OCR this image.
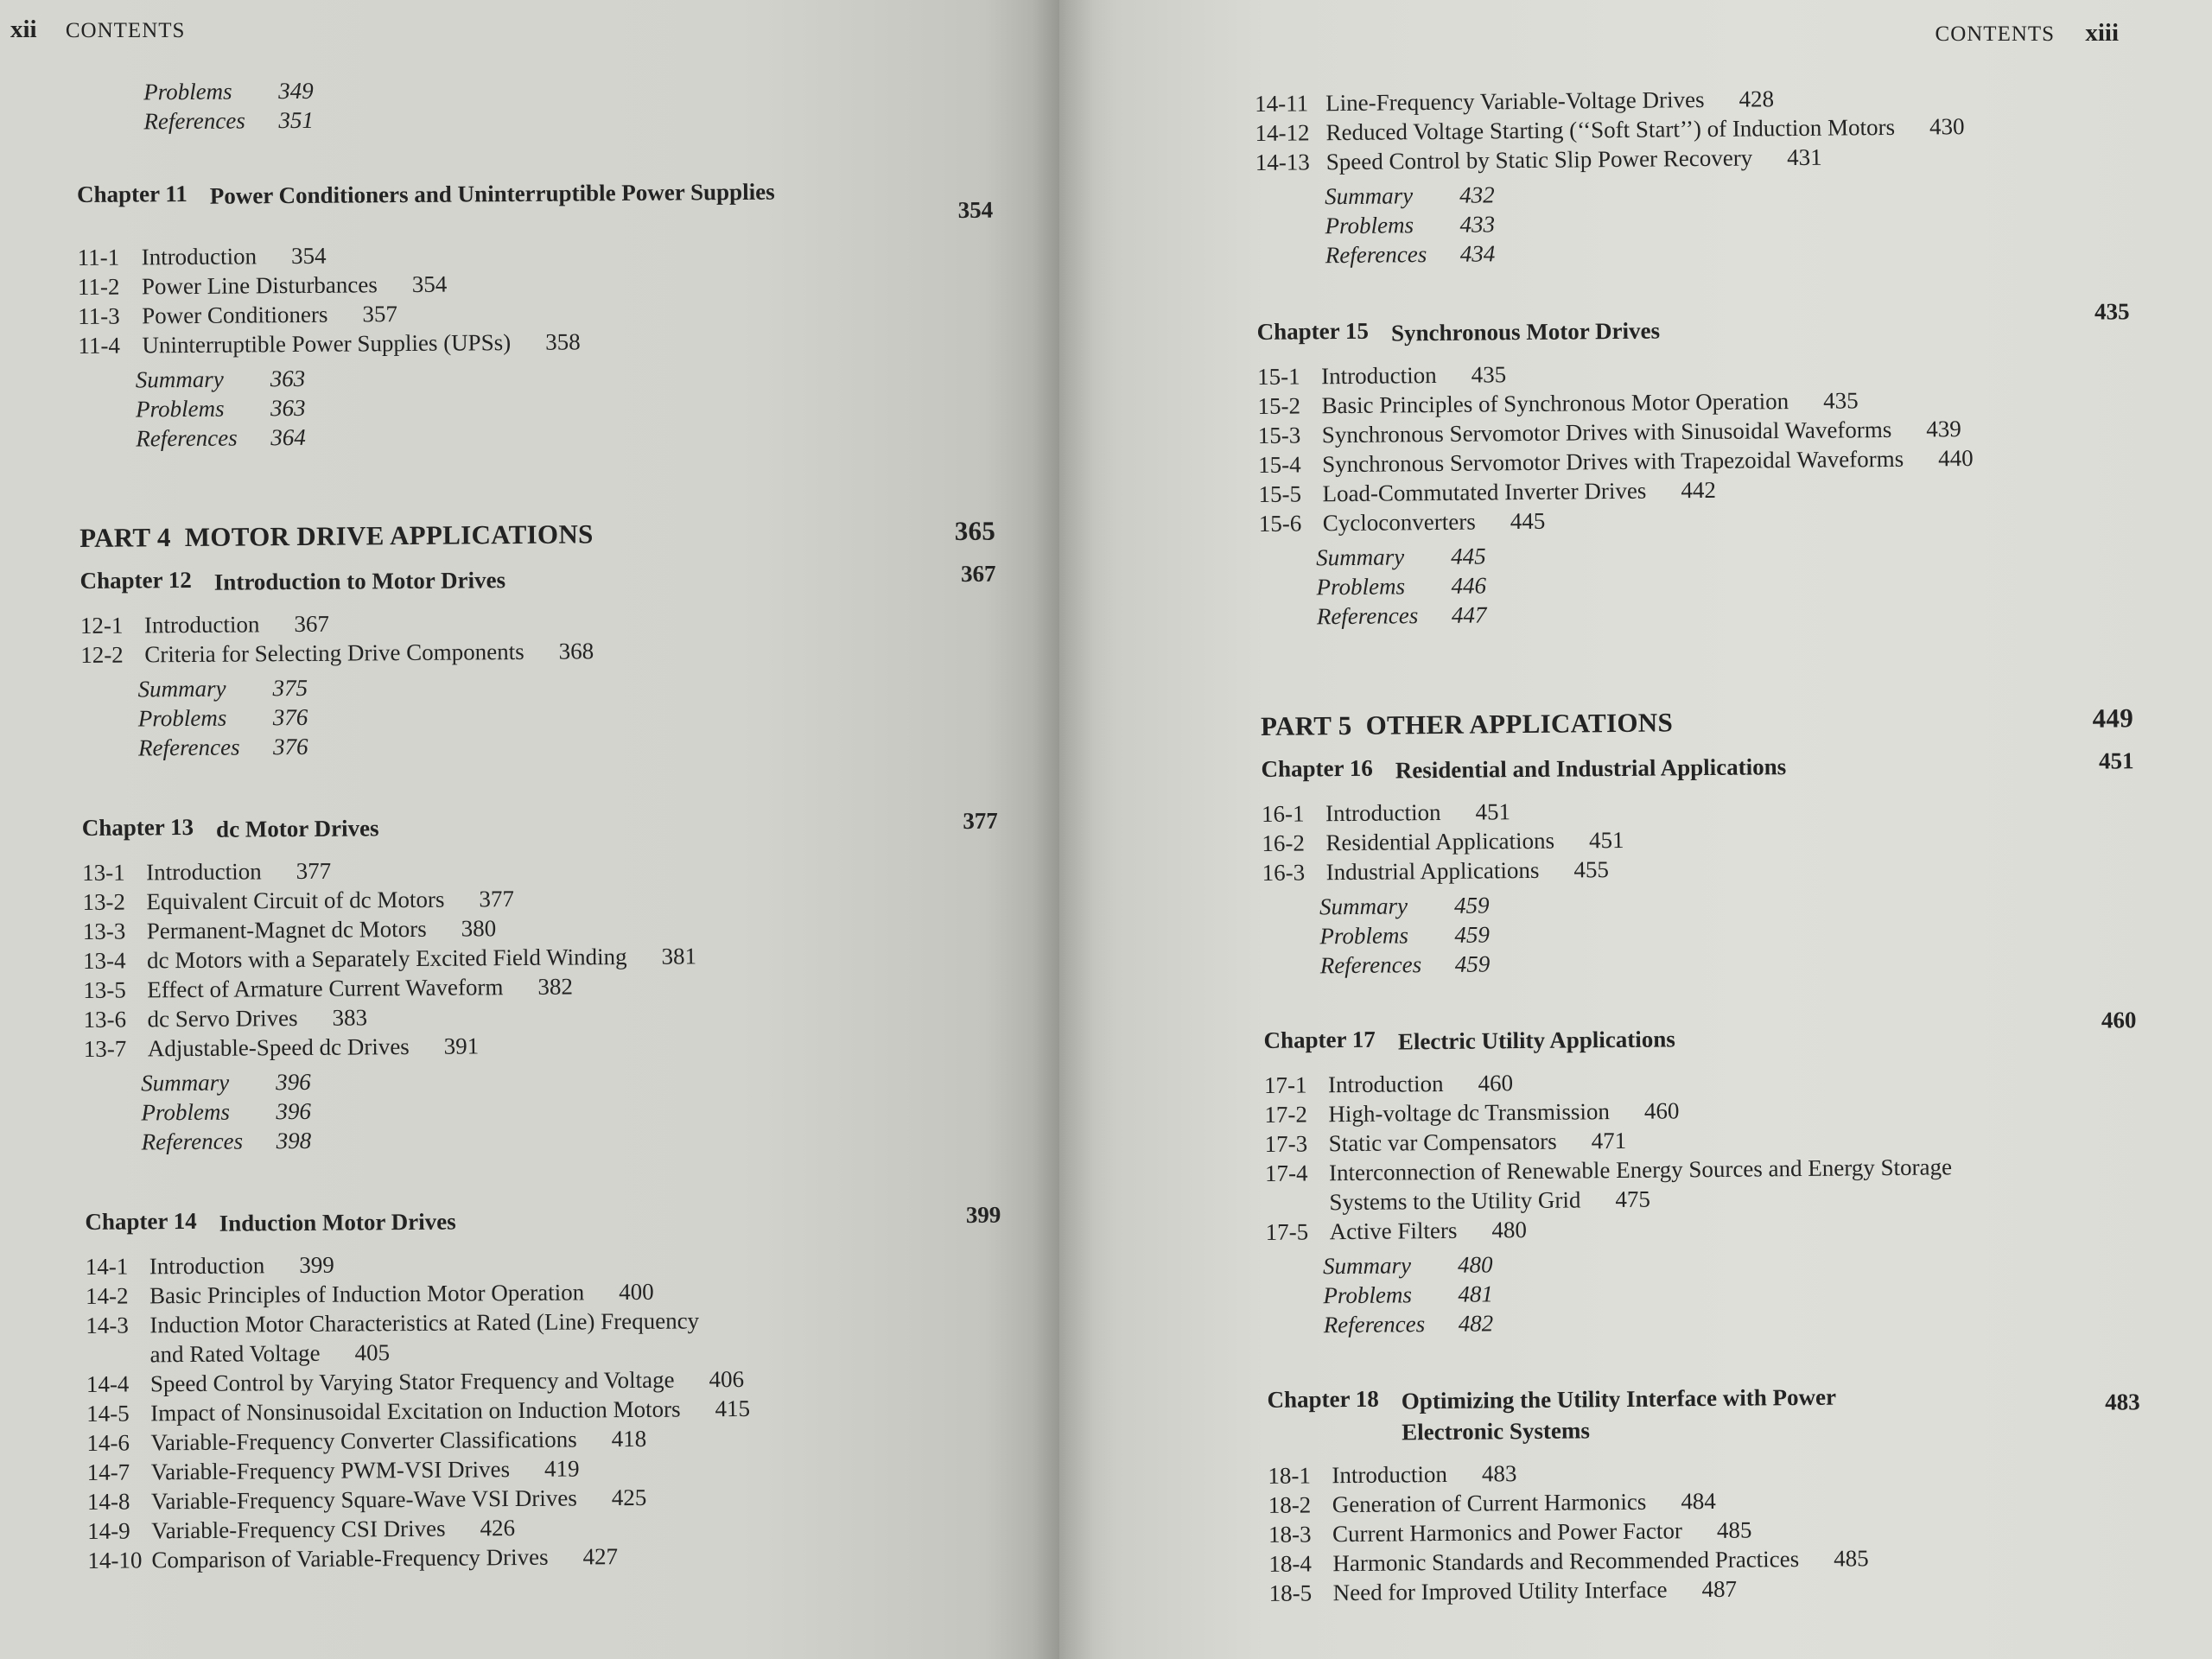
xii CONTENTS
Problems	349
References	351
Chapter 11 Power Conditioners and Uninterruptible Power Supplies
354
11-1 Introduction 354
11-2 Power Line Disturbances 354
11-3 Power Conditioners 357
11-4 Uninterruptible Power Supplies (UPSs) 358
Summary	363
Problems	363
References	364
PART 4  MOTOR DRIVE APPLICATIONS	365
Chapter 12 Introduction to Motor Drives	367
12-1 Introduction 367
12-2 Criteria for Selecting Drive Components 368
Summary	375
Problems	376
References	376
Chapter 13 dc Motor Drives	377
13-1 Introduction 377
13-2 Equivalent Circuit of dc Motors 377
13-3 Permanent-Magnet dc Motors 380
13-4 dc Motors with a Separately Excited Field Winding 381
13-5 Effect of Armature Current Waveform 382
13-6 dc Servo Drives 383
13-7 Adjustable-Speed dc Drives 391
Summary	396
Problems	396
References	398
Chapter 14 Induction Motor Drives	399
14-1 Introduction 399
14-2 Basic Principles of Induction Motor Operation 400
14-3 Induction Motor Characteristics at Rated (Line) Frequency
and Rated Voltage 405
14-4 Speed Control by Varying Stator Frequency and Voltage 406
14-5 Impact of Nonsinusoidal Excitation on Induction Motors 415
14-6 Variable-Frequency Converter Classifications 418
14-7 Variable-Frequency PWM-VSI Drives 419
14-8 Variable-Frequency Square-Wave VSI Drives 425
14-9 Variable-Frequency CSI Drives 426
14-10 Comparison of Variable-Frequency Drives 427
CONTENTS xiii
14-11 Line-Frequency Variable-Voltage Drives 428
14-12 Reduced Voltage Starting (‘‘Soft Start’’) of Induction Motors 430
14-13 Speed Control by Static Slip Power Recovery 431
Summary	432
Problems	433
References	434
Chapter 15 Synchronous Motor Drives
435
15-1 Introduction 435
15-2 Basic Principles of Synchronous Motor Operation 435
15-3 Synchronous Servomotor Drives with Sinusoidal Waveforms 439
15-4 Synchronous Servomotor Drives with Trapezoidal Waveforms 440
15-5 Load-Commutated Inverter Drives 442
15-6 Cycloconverters 445
Summary	445
Problems	446
References	447
PART 5  OTHER APPLICATIONS	449
Chapter 16 Residential and Industrial Applications	451
16-1 Introduction 451
16-2 Residential Applications 451
16-3 Industrial Applications 455
Summary	459
Problems	459
References	459
Chapter 17 Electric Utility Applications
460
17-1 Introduction 460
17-2 High-voltage dc Transmission 460
17-3 Static var Compensators 471
17-4 Interconnection of Renewable Energy Sources and Energy Storage
Systems to the Utility Grid 475
17-5 Active Filters 480
Summary	480
Problems	481
References	482
Chapter 18 Optimizing the Utility Interface with Power Electronic Systems
483
18-1 Introduction 483
18-2 Generation of Current Harmonics 484
18-3 Current Harmonics and Power Factor 485
18-4 Harmonic Standards and Recommended Practices 485
18-5 Need for Improved Utility Interface 487
